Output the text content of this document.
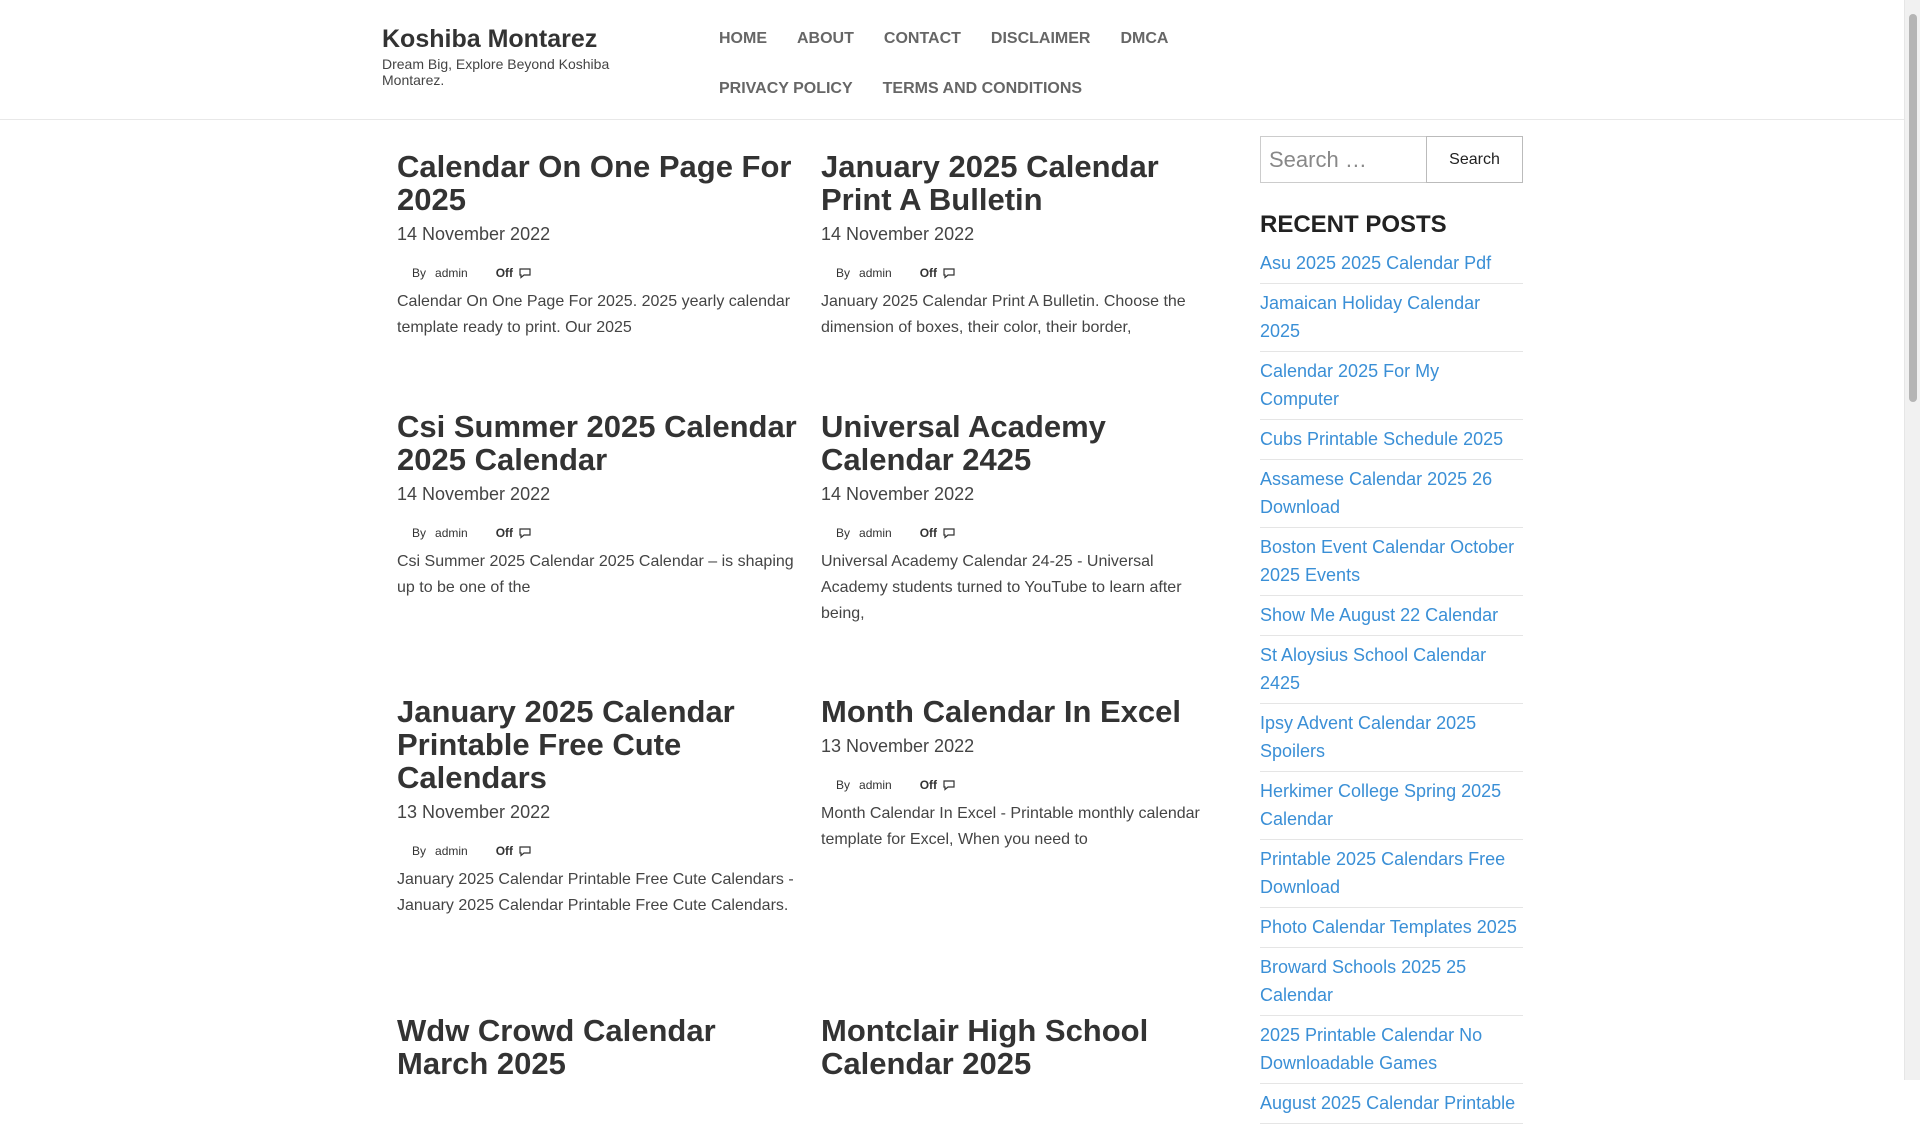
Koshiba Montarez

Dream Big, Explore Beyond Koshiba Montarez.

HOME	ABOUT	CONTACT	DISCLAIMER	DMCA
PRIVACY POLICY	TERMS AND CONDITIONS
Calendar On One Page For 2025
14 November 2022
By admin Off

Calendar On One Page For 2025. 2025 yearly calendar template ready to print. Our 2025

January 2025 Calendar Print A Bulletin
14 November 2022
By admin Off

January 2025 Calendar Print A Bulletin. Choose the dimension of boxes, their color, their border,

Csi Summer 2025 Calendar 2025 Calendar
14 November 2022
By admin Off

Csi Summer 2025 Calendar 2025 Calendar – is shaping up to be one of the

Universal Academy Calendar 2425
14 November 2022
By admin Off

Universal Academy Calendar 24-25 - Universal Academy students turned to YouTube to learn after being,

January 2025 Calendar Printable Free Cute Calendars
13 November 2022
By admin Off

January 2025 Calendar Printable Free Cute Calendars - January 2025 Calendar Printable Free Cute Calendars.

Month Calendar In Excel
13 November 2022
By admin Off

Month Calendar In Excel - Printable monthly calendar template for Excel, When you need to

Wdw Crowd Calendar March 2025
Montclair High School Calendar 2025
Search …
Search
RECENT POSTS
Asu 2025 2025 Calendar Pdf
Jamaican Holiday Calendar 2025
Calendar 2025 For My Computer
Cubs Printable Schedule 2025
Assamese Calendar 2025 26 Download
Boston Event Calendar October 2025 Events
Show Me August 22 Calendar
St Aloysius School Calendar 2425
Ipsy Advent Calendar 2025 Spoilers
Herkimer College Spring 2025 Calendar
Printable 2025 Calendars Free Download
Photo Calendar Templates 2025
Broward Schools 2025 25 Calendar
2025 Printable Calendar No Downloadable Games
August 2025 Calendar Printable
